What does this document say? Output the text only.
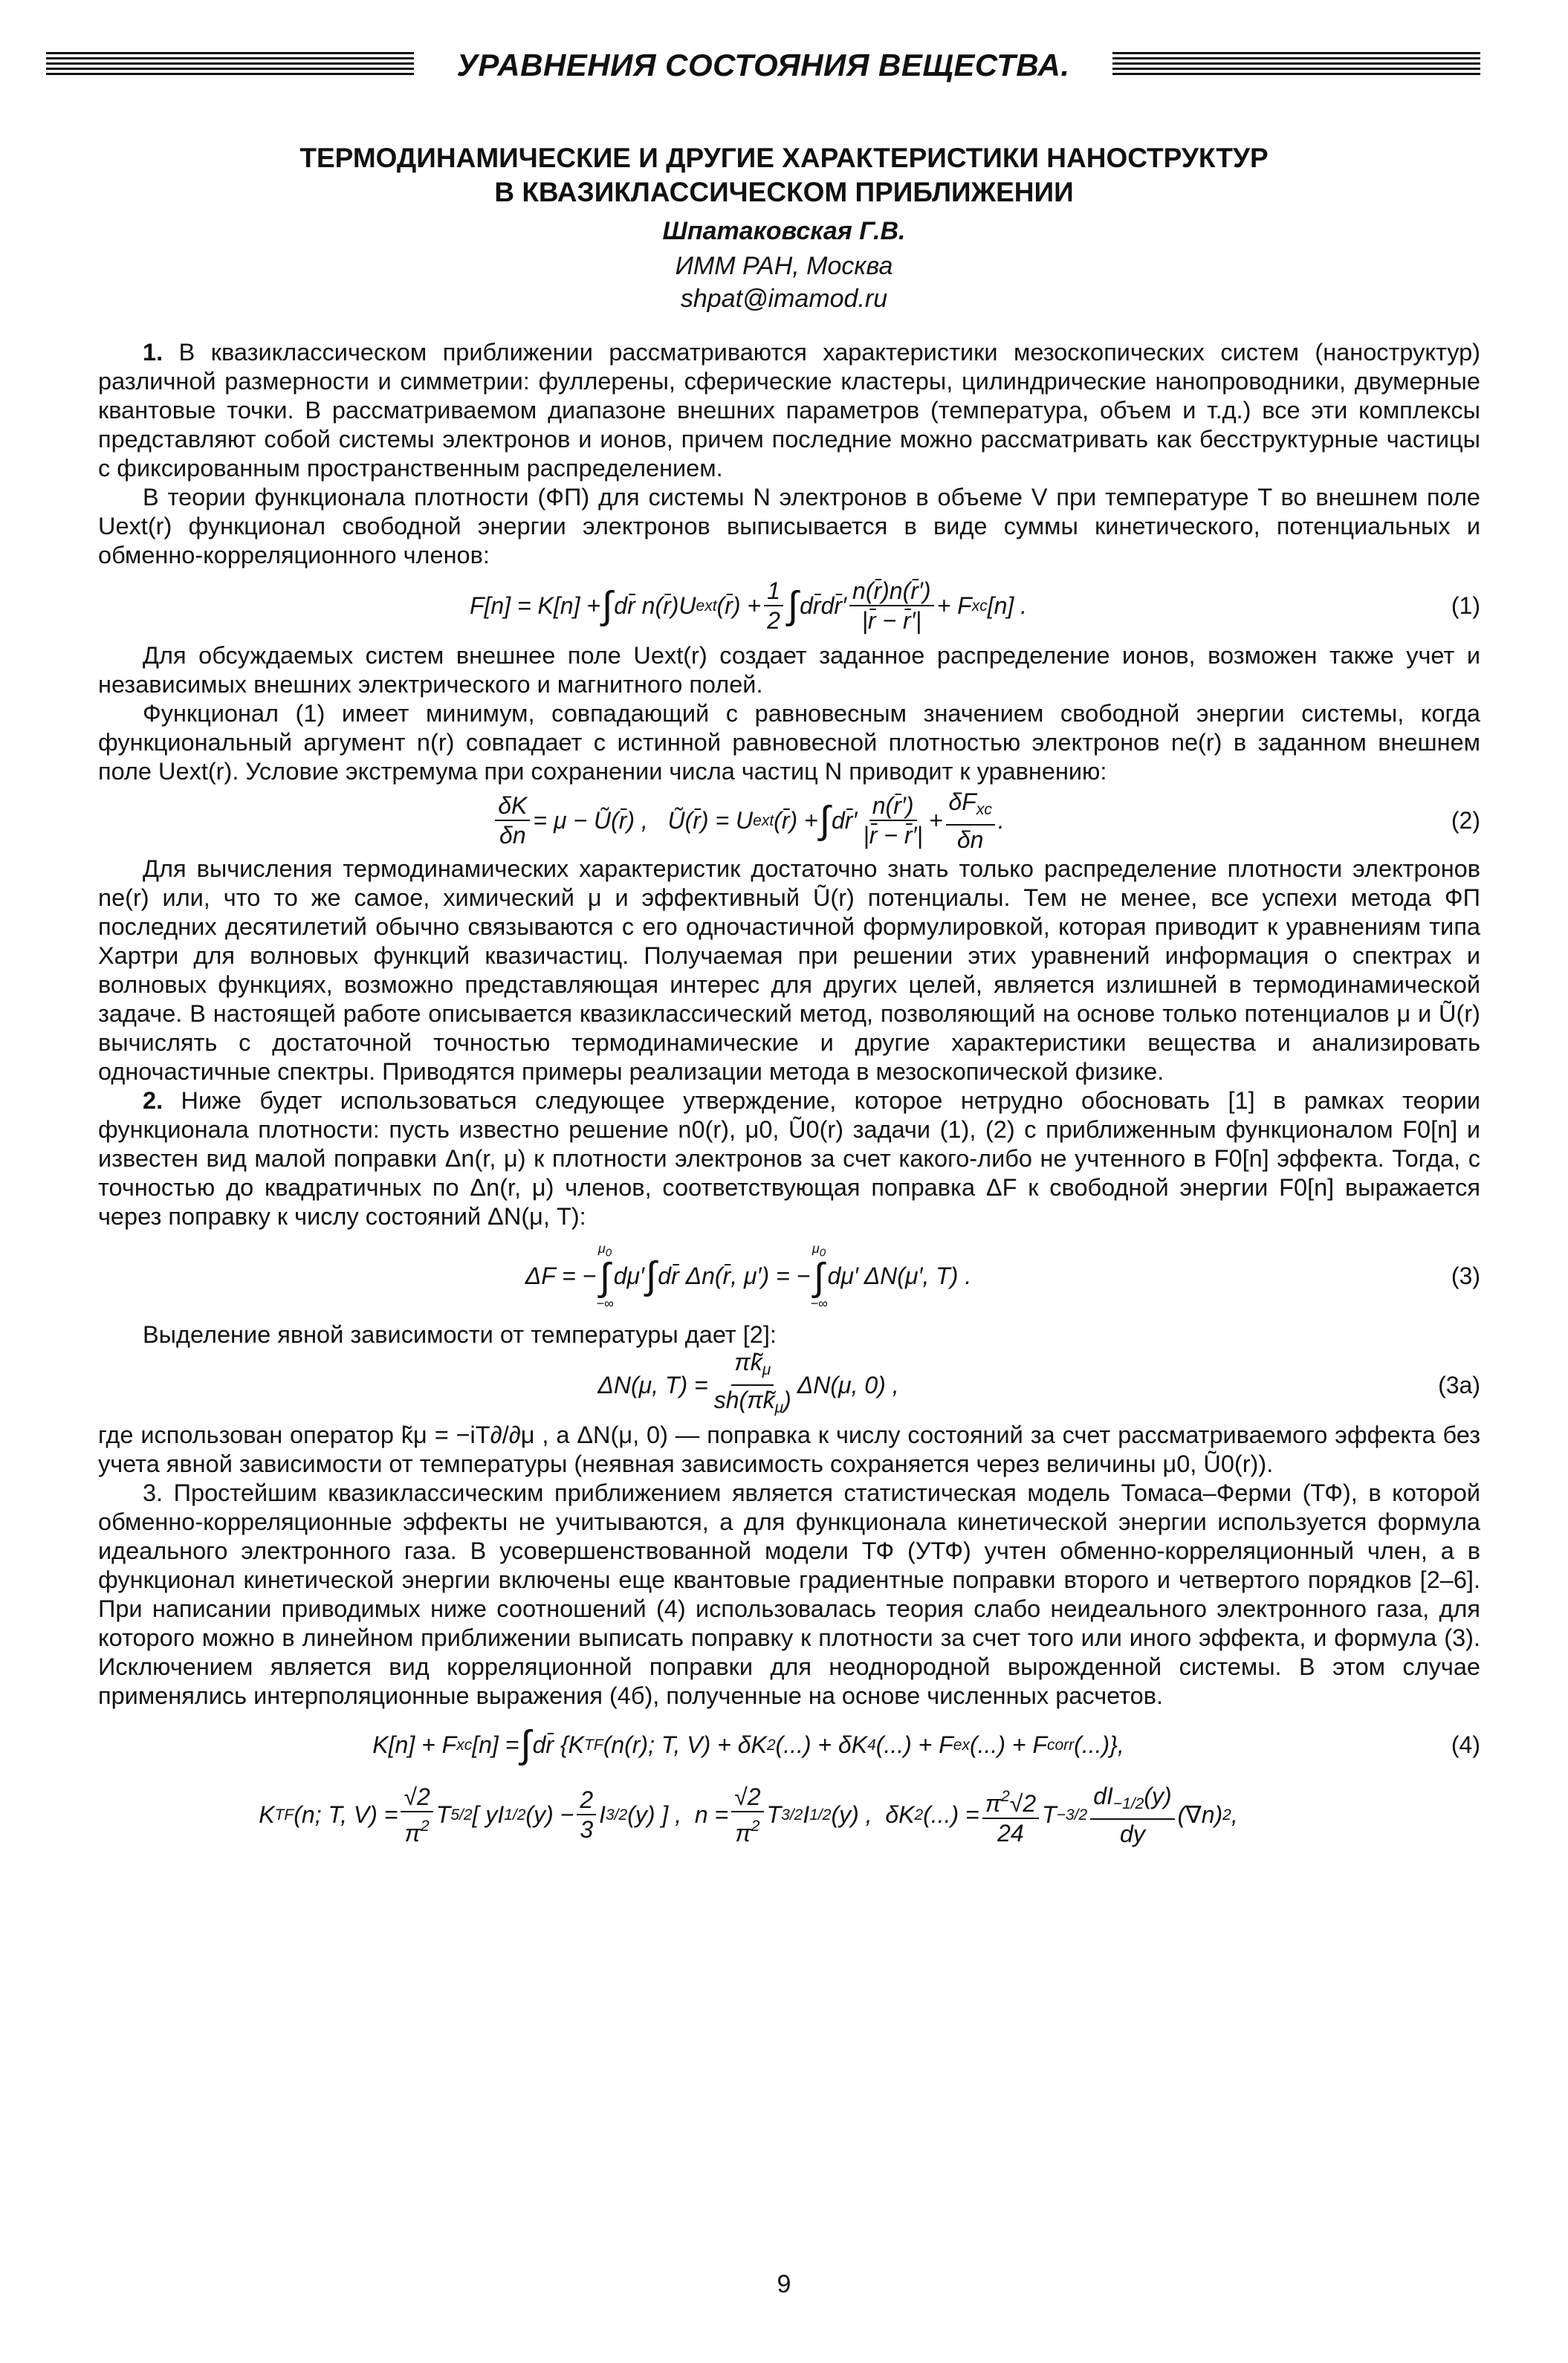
УРАВНЕНИЯ СОСТОЯНИЯ ВЕЩЕСТВА.
ТЕРМОДИНАМИЧЕСКИЕ И ДРУГИЕ ХАРАКТЕРИСТИКИ НАНОСТРУКТУР
В КВАЗИКЛАССИЧЕСКОМ ПРИБЛИЖЕНИИ
Шпатаковская Г.В.
ИММ РАН, Москва
shpat@imamod.ru

1. В квазиклассическом приближении рассматриваются характеристики мезоскопических систем (наноструктур) различной размерности и симметрии: фуллерены, сферические кластеры, цилиндрические нанопроводники, двумерные квантовые точки. В рассматриваемом диапазоне внешних параметров (температура, объем и т.д.) все эти комплексы представляют собой системы электронов и ионов, причем последние можно рассматривать как бесструктурные частицы с фиксированным пространственным распределением.

В теории функционала плотности (ФП) для системы N электронов в объеме V при температуре T во внешнем поле Uext(r) функционал свободной энергии электронов выписывается в виде суммы кинетического, потенциальных и обменно-корреляционного членов:

F[n] = K[n] + ∫ dr̄ n(r̄)U ext (r̄) + $\frac{1}{2}$ ∫ dr̄dr̄′ $\frac{n(r̄)n(r̄')}{|r̄ - r̄'|} + F$ xc [n] .	(1)

Для обсуждаемых систем внешнее поле Uext(r) создает заданное распределение ионов, возможен также учет и независимых внешних электрического и магнитного полей.

Функционал (1) имеет минимум, совпадающий с равновесным значением свободной энергии системы, когда функциональный аргумент n(r) совпадает с истинной равновесной плотностью электронов ne(r) в заданном внешнем поле Uext(r). Условие экстремума при сохранении числа частиц N приводит к уравнению:

$\frac{\delta K}{\delta n} = \mu$ − Ũ(r̄) ,   Ũ(r̄) = U ext (r̄) + ∫ dr̄′ $\frac{n(r̄')}{|r̄ - r̄'|} + \frac{\delta F_{xc}}{\delta n}$ .	(2)

Для вычисления термодинамических характеристик достаточно знать только распределение плотности электронов ne(r) или, что то же самое, химический μ и эффективный Ũ(r) потенциалы. Тем не менее, все успехи метода ФП последних десятилетий обычно связываются с его одночастичной формулировкой, которая приводит к уравнениям типа Хартри для волновых функций квазичастиц. Получаемая при решении этих уравнений информация о спектрах и волновых функциях, возможно представляющая интерес для других целей, является излишней в термодинамической задаче. В настоящей работе описывается квазиклассический метод, позволяющий на основе только потенциалов μ и Ũ(r) вычислять с достаточной точностью термодинамические и другие характеристики вещества и анализировать одночастичные спектры. Приводятся примеры реализации метода в мезоскопической физике.

2. Ниже будет использоваться следующее утверждение, которое нетрудно обосновать [1] в рамках теории функционала плотности: пусть известно решение n0(r), μ0, Ũ0(r) задачи (1), (2) с приближенным функционалом F0[n] и известен вид малой поправки Δn(r, μ) к плотности электронов за счет какого-либо не учтенного в F0[n] эффекта. Тогда, с точностью до квадратичных по Δn(r, μ) членов, соответствующая поправка ΔF к свободной энергии F0[n] выражается через поправку к числу состояний ΔN(μ, T):

ΔF = −
$\mu_0$
∫
−∞
dμ′ ∫ dr̄ Δn(r̄, μ′) = −
$\mu_0$
∫
−∞
dμ′ ΔN(μ′, T) .	(3)

Выделение явной зависимости от температуры дает [2]:

ΔN(μ, $T) = \frac{\pi k̃_\mu}{sh(\pi k̃_\mu)} \Delta N(\mu$, 0) ,	(3а)

где использован оператор k̃μ = −iT∂/∂μ , а ΔN(μ, 0) — поправка к числу состояний за счет рассматриваемого эффекта без учета явной зависимости от температуры (неявная зависимость сохраняется через величины μ0, Ũ0(r)).

3. Простейшим квазиклассическим приближением является статистическая модель Томаса–Ферми (ТФ), в которой обменно-корреляционные эффекты не учитываются, а для функционала кинетической энергии используется формула идеального электронного газа. В усовершенствованной модели ТФ (УТФ) учтен обменно-корреляционный член, а в функционал кинетической энергии включены еще квантовые градиентные поправки второго и четвертого порядков [2–6]. При написании приводимых ниже соотношений (4) использовалась теория слабо неидеального электронного газа, для которого можно в линейном приближении выписать поправку к плотности за счет того или иного эффекта, и формула (3). Исключением является вид корреляционной поправки для неоднородной вырожденной системы. В этом случае применялись интерполяционные выражения (4б), полученные на основе численных расчетов.

K[n] + F xc [n] = ∫ dr̄ {K TF (n(r); T, V) + δK 2 (...) + δK 4 (...) + F ex (...) + F corr (...)},	(4)
K TF (n; T, $V) = \frac{√2}{\pi^2}$ T 5/2 [ yI 1/2 $(y) - \frac{2}{3}$ I 3/2 (y) ] ,  $n = \frac{√2}{\pi^2}$ T 3/2 I 1/2 (y) ,  δK 2 (...) = $\frac{\pi^2√2}{24}$ $T -3/2 \frac{dI_{-1/2}(y)}{dy} (\nabla n)$ 2 ,
9
